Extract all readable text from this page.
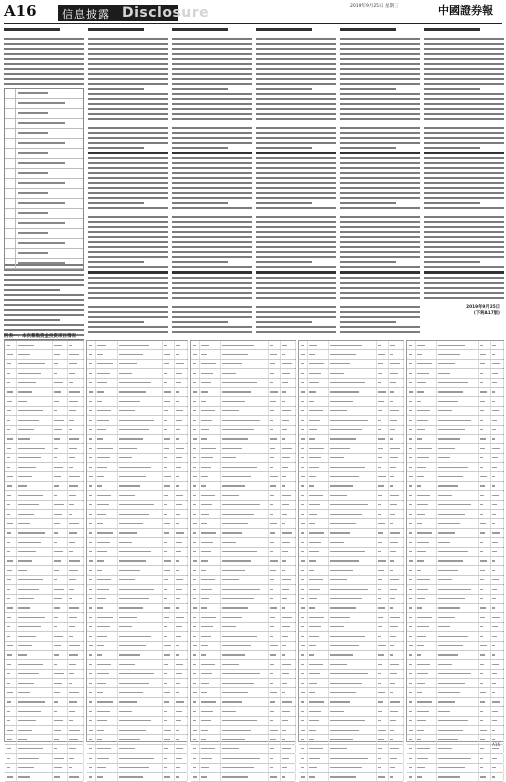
A16 信息披露 Disclosure	2019年9月25日 星期三	中國證券報
2019年9月25日
(下转A17版)
附表一：本次募集资金投资项目情况
A16
